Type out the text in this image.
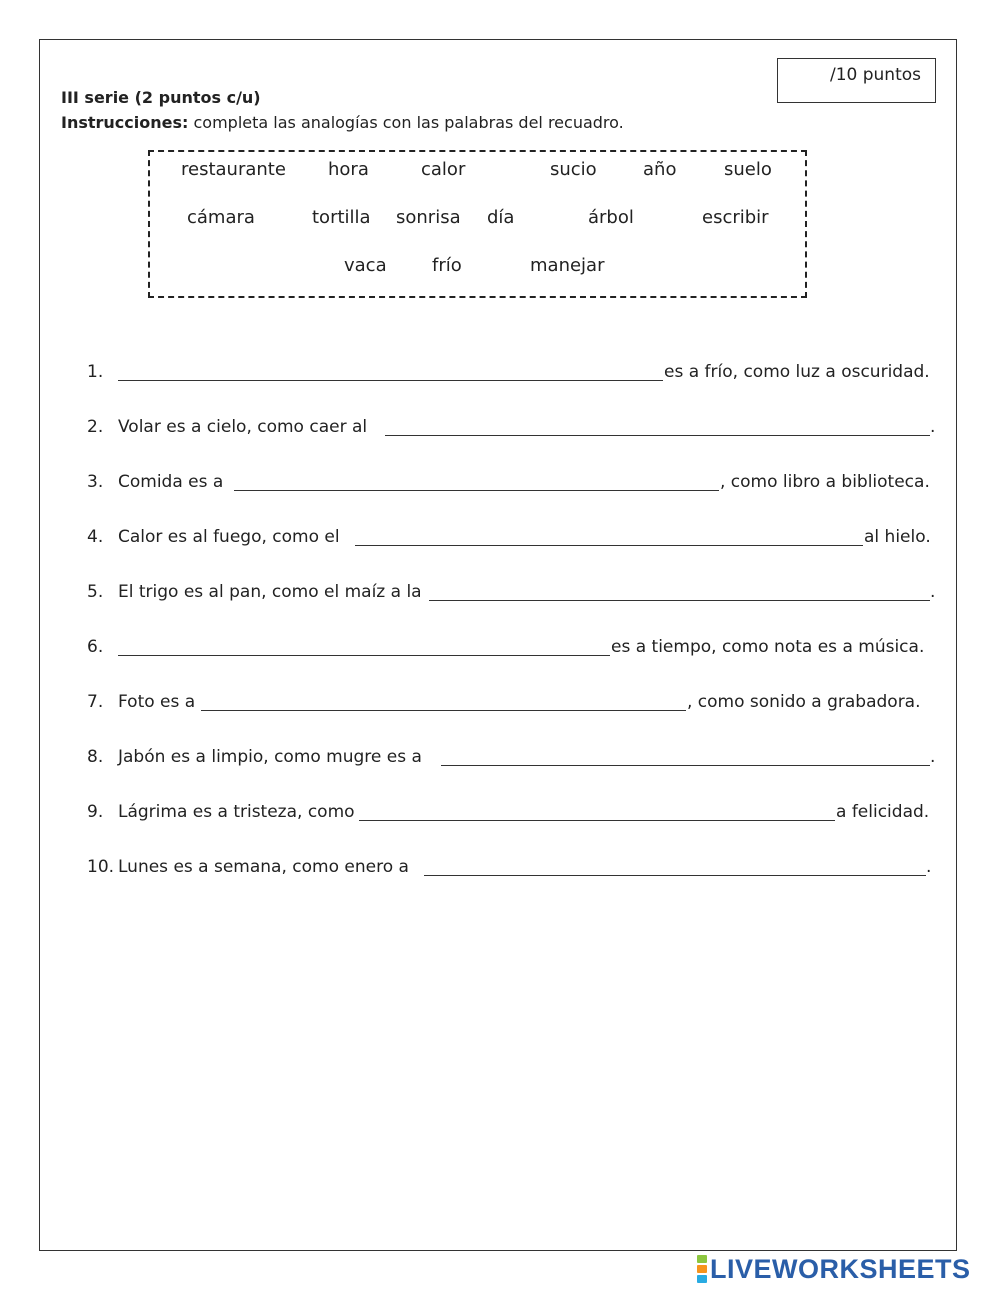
/10 puntos
III serie (2 puntos c/u)
Instrucciones: completa las analogías con las palabras del recuadro.
restaurante hora	calor	sucio	año	suelo
cámara	tortilla sonrisa día	árbol	escribir
vaca	frío	manejar
1.	es a frío, como luz a oscuridad.
2. Volar es a cielo, como caer al	.
3. Comida es a	, como libro a biblioteca.
4. Calor es al fuego, como el	al hielo.
5. El trigo es al pan, como el maíz a la	.
6.	es a tiempo, como nota es a música.
7. Foto es a	, como sonido a grabadora.
8. Jabón es a limpio, como mugre es a	.
9. Lágrima es a tristeza, como	a felicidad.
10. Lunes es a semana, como enero a	.
LIVEWORKSHEETS
